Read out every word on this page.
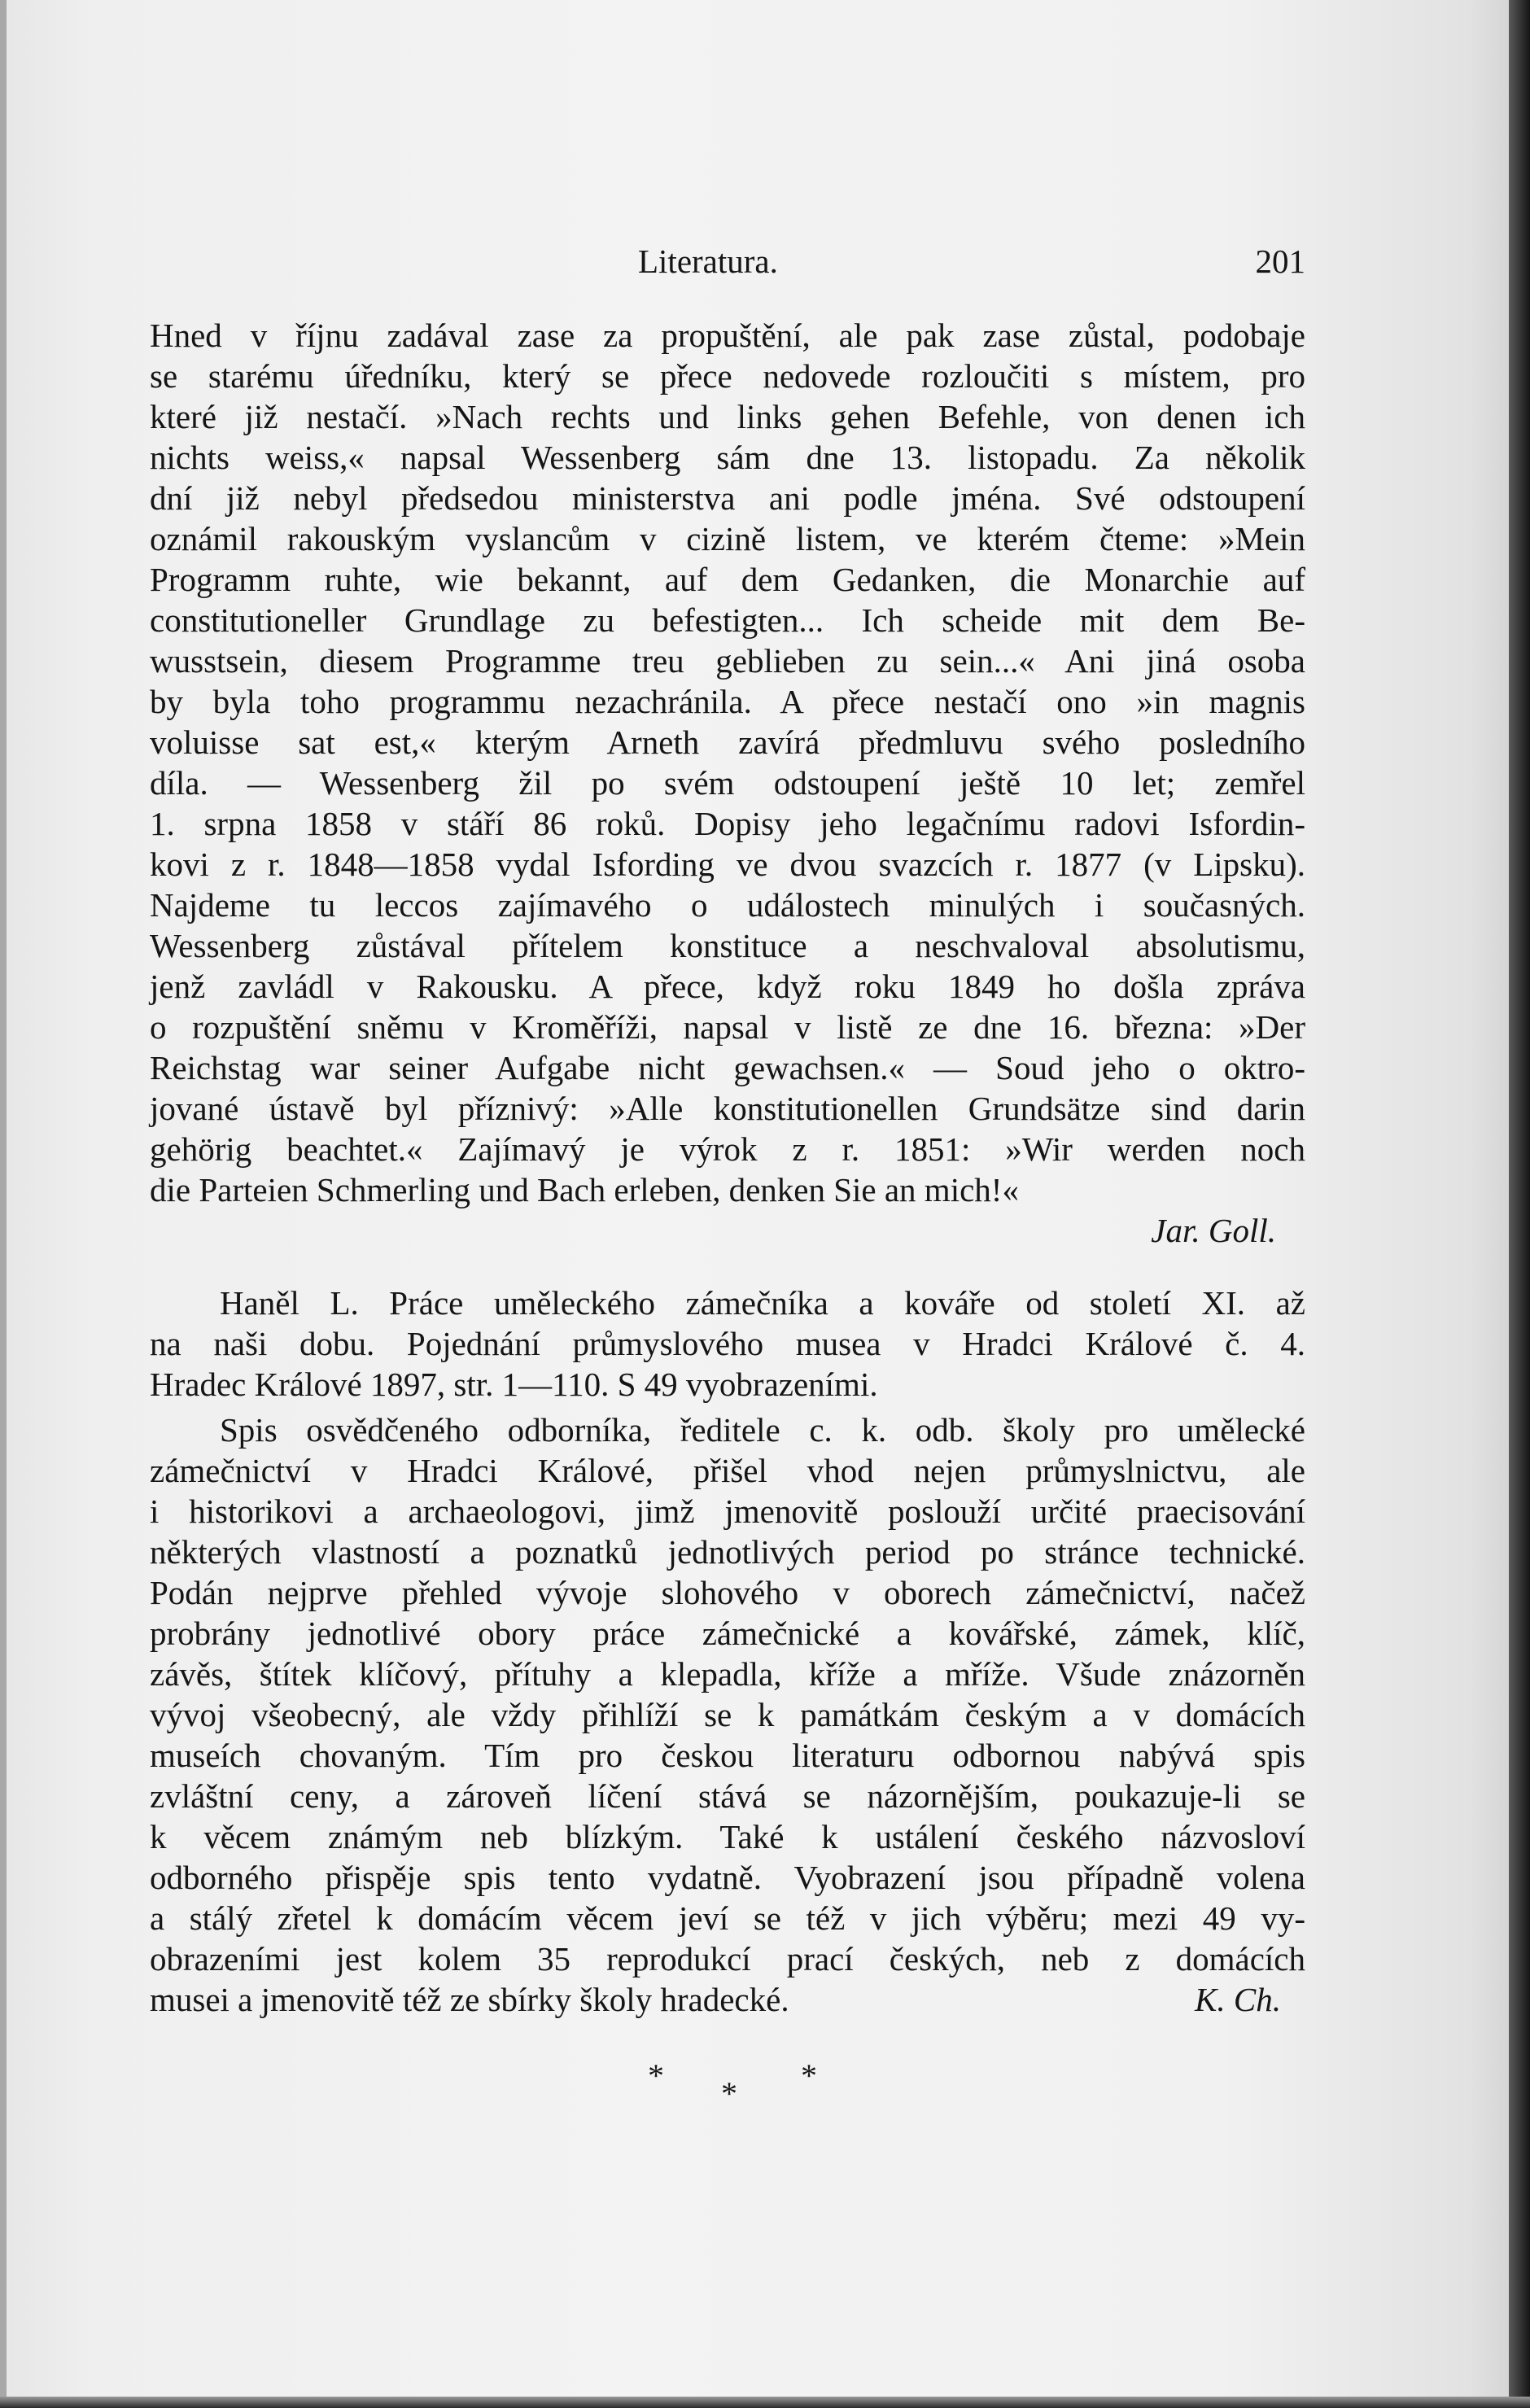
Literatura.	201
Hned v říjnu zadával zase za propuštění, ale pak zase zůstal, podobaje
se starému úředníku, který se přece nedovede rozloučiti s místem, pro
které již nestačí. »Nach rechts und links gehen Befehle, von denen ich
nichts weiss,« napsal Wessenberg sám dne 13. listopadu. Za několik
dní již nebyl předsedou ministerstva ani podle jména. Své odstoupení
oznámil rakouským vyslancům v cizině listem, ve kterém čteme: »Mein
Programm ruhte, wie bekannt, auf dem Gedanken, die Monarchie auf
constitutioneller Grundlage zu befestigten... Ich scheide mit dem Be-
wusstsein, diesem Programme treu geblieben zu sein...« Ani jiná osoba
by byla toho programmu nezachránila. A přece nestačí ono »in magnis
voluisse sat est,« kterým Arneth zavírá předmluvu svého posledního
díla. — Wessenberg žil po svém odstoupení ještě 10 let; zemřel
1. srpna 1858 v stáří 86 roků. Dopisy jeho legačnímu radovi Isfordin-
kovi z r. 1848—1858 vydal Isfording ve dvou svazcích r. 1877 (v Lipsku).
Najdeme tu leccos zajímavého o událostech minulých i současných.
Wessenberg zůstával přítelem konstituce a neschvaloval absolutismu,
jenž zavládl v Rakousku. A přece, když roku 1849 ho došla zpráva
o rozpuštění sněmu v Kroměříži, napsal v listě ze dne 16. března: »Der
Reichstag war seiner Aufgabe nicht gewachsen.« — Soud jeho o oktro-
jované ústavě byl příznivý: »Alle konstitutionellen Grundsätze sind darin
gehörig beachtet.« Zajímavý je výrok z r. 1851: »Wir werden noch
die Parteien Schmerling und Bach erleben, denken Sie an mich!«
Jar. Goll.
Haněl L. Práce uměleckého zámečníka a kováře od století XI. až
na naši dobu. Pojednání průmyslového musea v Hradci Králové č. 4.
Hradec Králové 1897, str. 1—110. S 49 vyobrazeními.
Spis osvědčeného odborníka, ředitele c. k. odb. školy pro umělecké
zámečnictví v Hradci Králové, přišel vhod nejen průmyslnictvu, ale
i historikovi a archaeologovi, jimž jmenovitě poslouží určité praecisování
některých vlastností a poznatků jednotlivých period po stránce technické.
Podán nejprve přehled vývoje slohového v oborech zámečnictví, načež
probrány jednotlivé obory práce zámečnické a kovářské, zámek, klíč,
závěs, štítek klíčový, přítuhy a klepadla, kříže a mříže. Všude znázorněn
vývoj všeobecný, ale vždy přihlíží se k památkám českým a v domácích
museích chovaným. Tím pro českou literaturu odbornou nabývá spis
zvláštní ceny, a zároveň líčení stává se názornějším, poukazuje-li se
k věcem známým neb blízkým. Také k ustálení českého názvosloví
odborného přispěje spis tento vydatně. Vyobrazení jsou případně volena
a stálý zřetel k domácím věcem jeví se též v jich výběru; mezi 49 vy-
obrazeními jest kolem 35 reprodukcí prací českých, neb z domácích
musei a jmenovitě též ze sbírky školy hradecké.	K. Ch.
* * *
